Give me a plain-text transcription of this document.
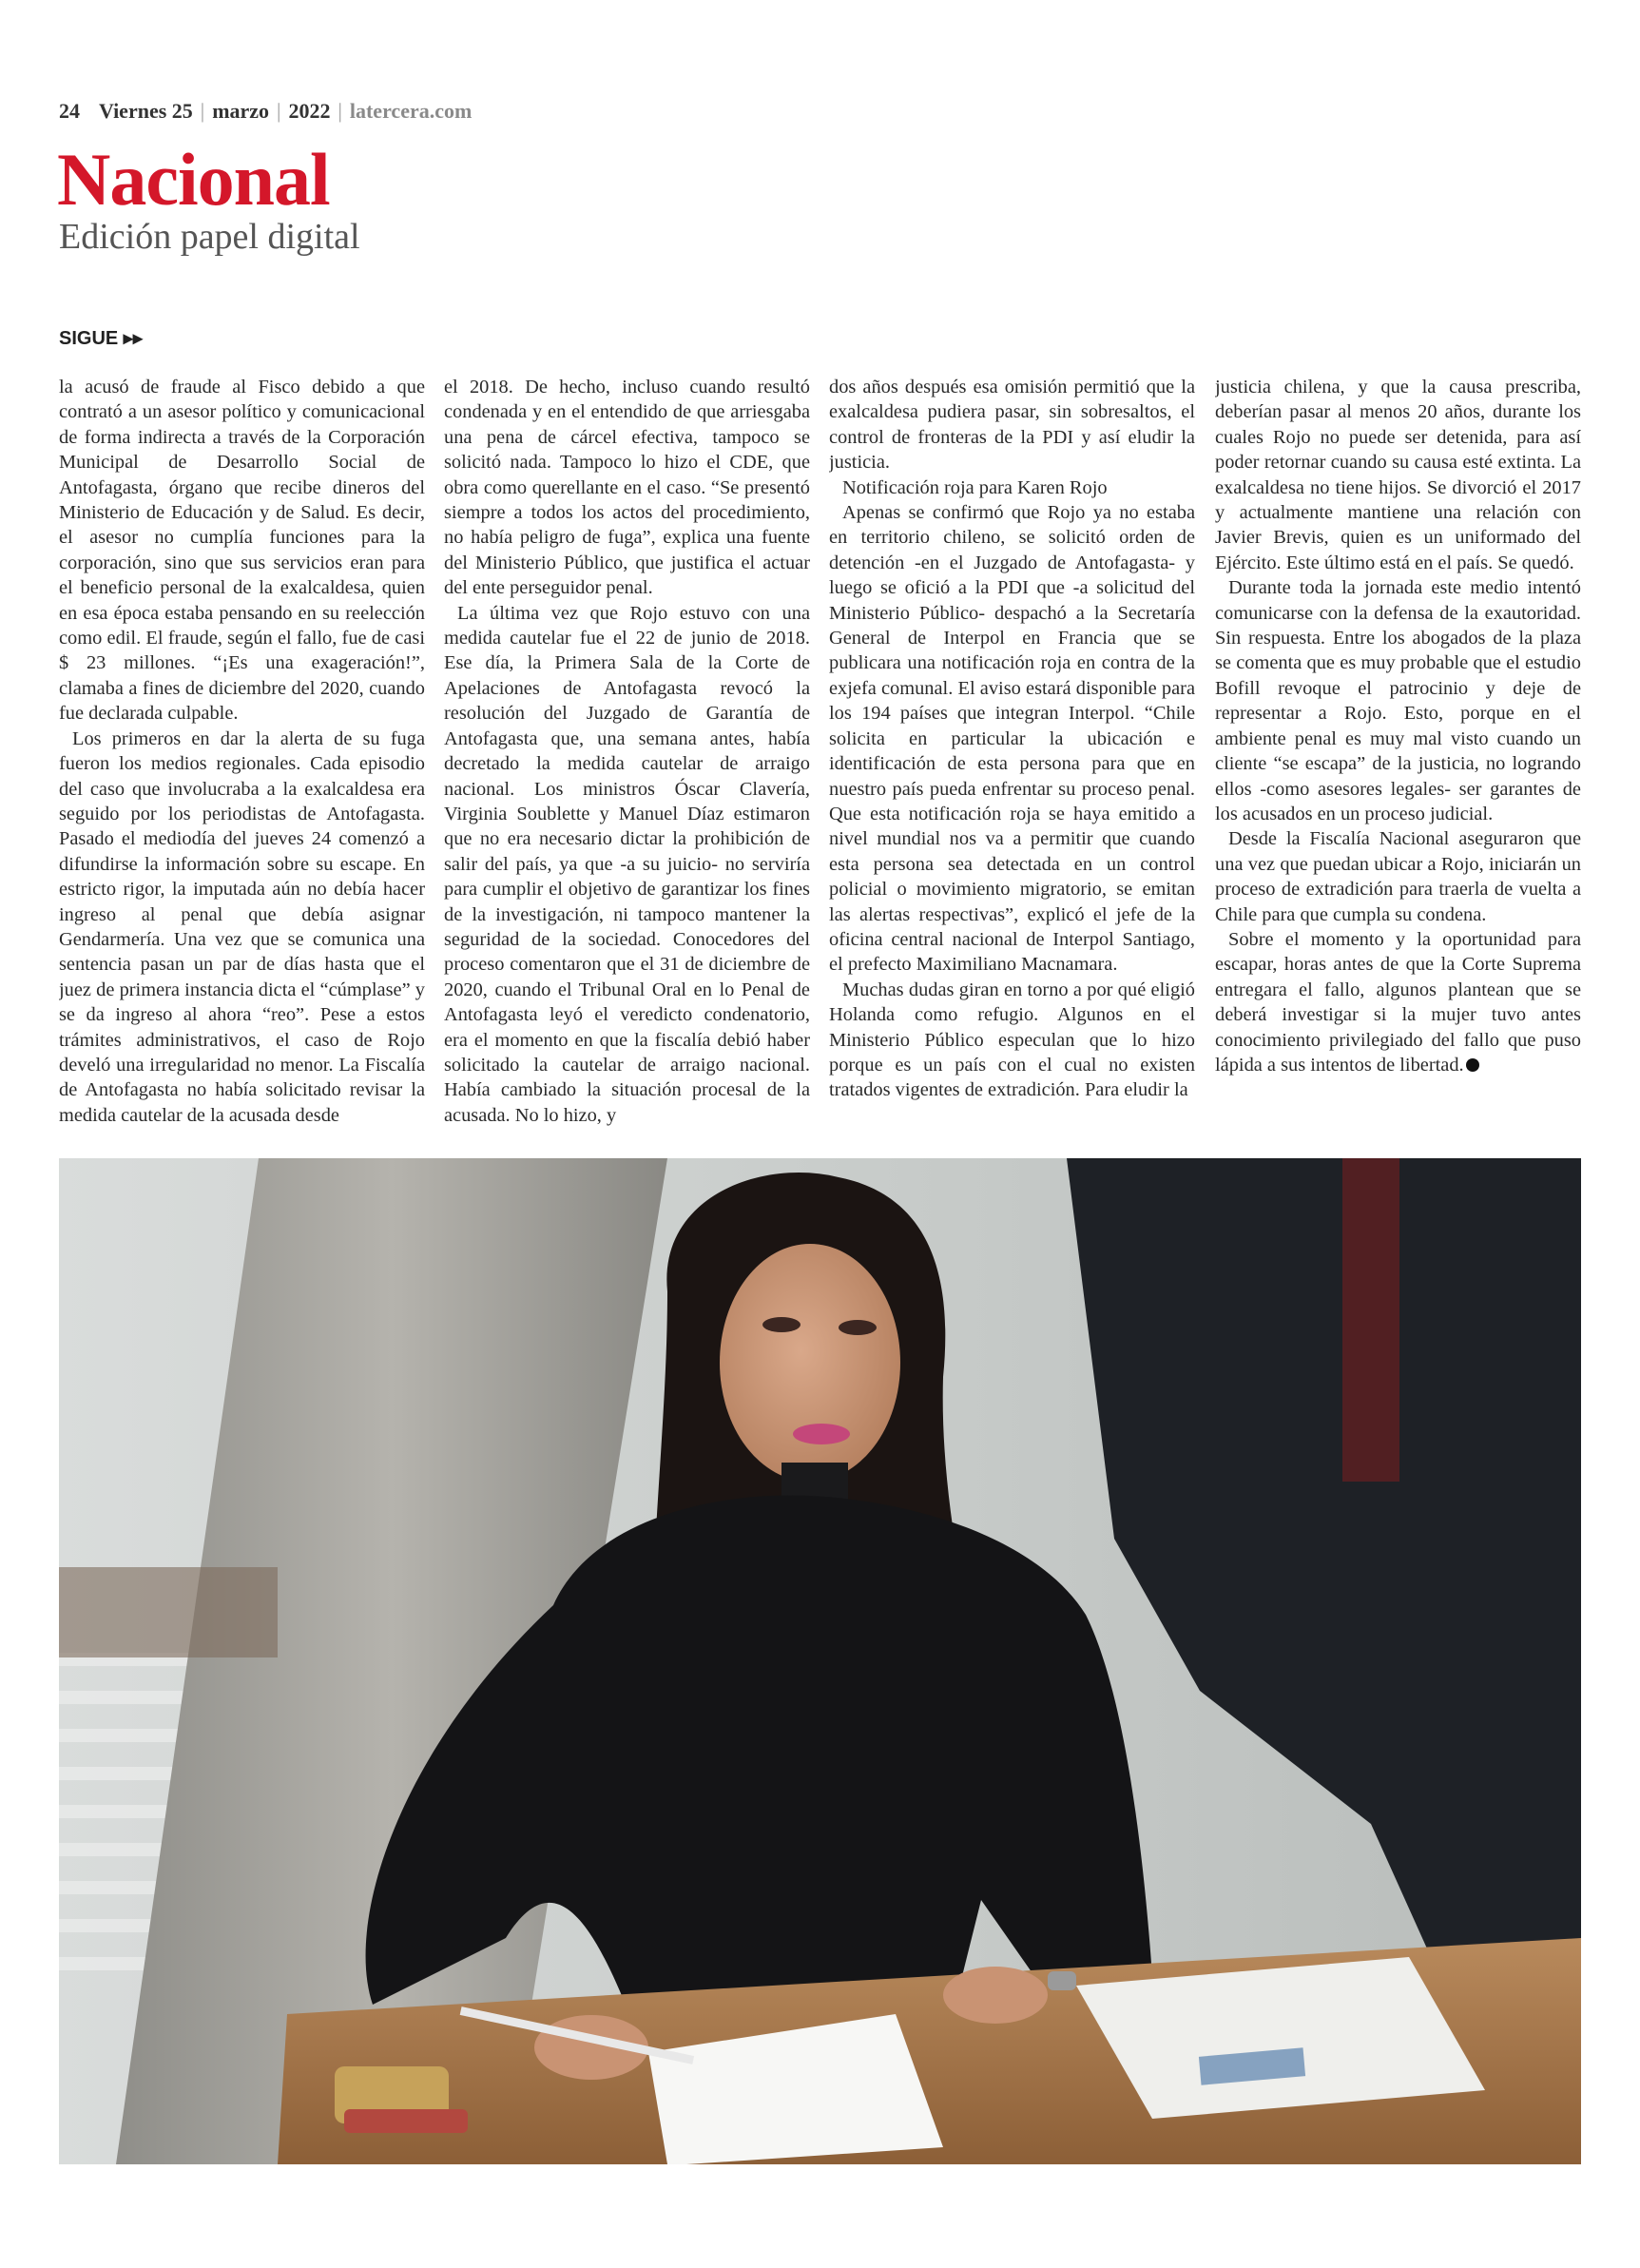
24 Viernes 25 | marzo | 2022 | latercera.com
Nacional
Edición papel digital
SIGUE ▸▸

la acusó de fraude al Fisco debido a que contrató a un asesor político y comunicacional de forma indirecta a través de la Corporación Municipal de Desarrollo Social de Antofagasta, órgano que recibe dineros del Ministerio de Educación y de Salud. Es decir, el asesor no cumplía funciones para la corporación, sino que sus servicios eran para el beneficio personal de la exalcaldesa, quien en esa época estaba pensando en su reelección como edil. El fraude, según el fallo, fue de casi $ 23 millones. “¡Es una exageración!”, clamaba a fines de diciembre del 2020, cuando fue declarada culpable.

Los primeros en dar la alerta de su fuga fueron los medios regionales. Cada episodio del caso que involucraba a la exalcaldesa era seguido por los periodistas de Antofagasta. Pasado el mediodía del jueves 24 comenzó a difundirse la información sobre su escape. En estricto rigor, la imputada aún no debía hacer ingreso al penal que debía asignar Gendarmería. Una vez que se comunica una sentencia pasan un par de días hasta que el juez de primera instancia dicta el “cúmplase” y se da ingreso al ahora “reo”. Pese a estos trámites administrativos, el caso de Rojo develó una irregularidad no menor. La Fiscalía de Antofagasta no había solicitado revisar la medida cautelar de la acusada desde

el 2018. De hecho, incluso cuando resultó condenada y en el entendido de que arriesgaba una pena de cárcel efectiva, tampoco se solicitó nada. Tampoco lo hizo el CDE, que obra como querellante en el caso. “Se presentó siempre a todos los actos del procedimiento, no había peligro de fuga”, explica una fuente del Ministerio Público, que justifica el actuar del ente perseguidor penal.

La última vez que Rojo estuvo con una medida cautelar fue el 22 de junio de 2018. Ese día, la Primera Sala de la Corte de Apelaciones de Antofagasta revocó la resolución del Juzgado de Garantía de Antofagasta que, una semana antes, había decretado la medida cautelar de arraigo nacional. Los ministros Óscar Clavería, Virginia Soublette y Manuel Díaz estimaron que no era necesario dictar la prohibición de salir del país, ya que -a su juicio- no serviría para cumplir el objetivo de garantizar los fines de la investigación, ni tampoco mantener la seguridad de la sociedad. Conocedores del proceso comentaron que el 31 de diciembre de 2020, cuando el Tribunal Oral en lo Penal de Antofagasta leyó el veredicto condenatorio, era el momento en que la fiscalía debió haber solicitado la cautelar de arraigo nacional. Había cambiado la situación procesal de la acusada. No lo hizo, y

dos años después esa omisión permitió que la exalcaldesa pudiera pasar, sin sobresaltos, el control de fronteras de la PDI y así eludir la justicia.

Notificación roja para Karen Rojo

Apenas se confirmó que Rojo ya no estaba en territorio chileno, se solicitó orden de detención -en el Juzgado de Antofagasta- y luego se ofició a la PDI que -a solicitud del Ministerio Público- despachó a la Secretaría General de Interpol en Francia que se publicara una notificación roja en contra de la exjefa comunal. El aviso estará disponible para los 194 países que integran Interpol. “Chile solicita en particular la ubicación e identificación de esta persona para que en nuestro país pueda enfrentar su proceso penal. Que esta notificación roja se haya emitido a nivel mundial nos va a permitir que cuando esta persona sea detectada en un control policial o movimiento migratorio, se emitan las alertas respectivas”, explicó el jefe de la oficina central nacional de Interpol Santiago, el prefecto Maximiliano Macnamara.

Muchas dudas giran en torno a por qué eligió Holanda como refugio. Algunos en el Ministerio Público especulan que lo hizo porque es un país con el cual no existen tratados vigentes de extradición. Para eludir la

justicia chilena, y que la causa prescriba, deberían pasar al menos 20 años, durante los cuales Rojo no puede ser detenida, para así poder retornar cuando su causa esté extinta. La exalcaldesa no tiene hijos. Se divorció el 2017 y actualmente mantiene una relación con Javier Brevis, quien es un uniformado del Ejército. Este último está en el país. Se quedó.

Durante toda la jornada este medio intentó comunicarse con la defensa de la exautoridad. Sin respuesta. Entre los abogados de la plaza se comenta que es muy probable que el estudio Bofill revoque el patrocinio y deje de representar a Rojo. Esto, porque en el ambiente penal es muy mal visto cuando un cliente “se escapa” de la justicia, no logrando ellos -como asesores legales- ser garantes de los acusados en un proceso judicial.

Desde la Fiscalía Nacional aseguraron que una vez que puedan ubicar a Rojo, iniciarán un proceso de extradición para traerla de vuelta a Chile para que cumpla su condena.

Sobre el momento y la oportunidad para escapar, horas antes de que la Corte Suprema entregara el fallo, algunos plantean que se deberá investigar si la mujer tuvo antes conocimiento privilegiado del fallo que puso lápida a sus intentos de libertad.
